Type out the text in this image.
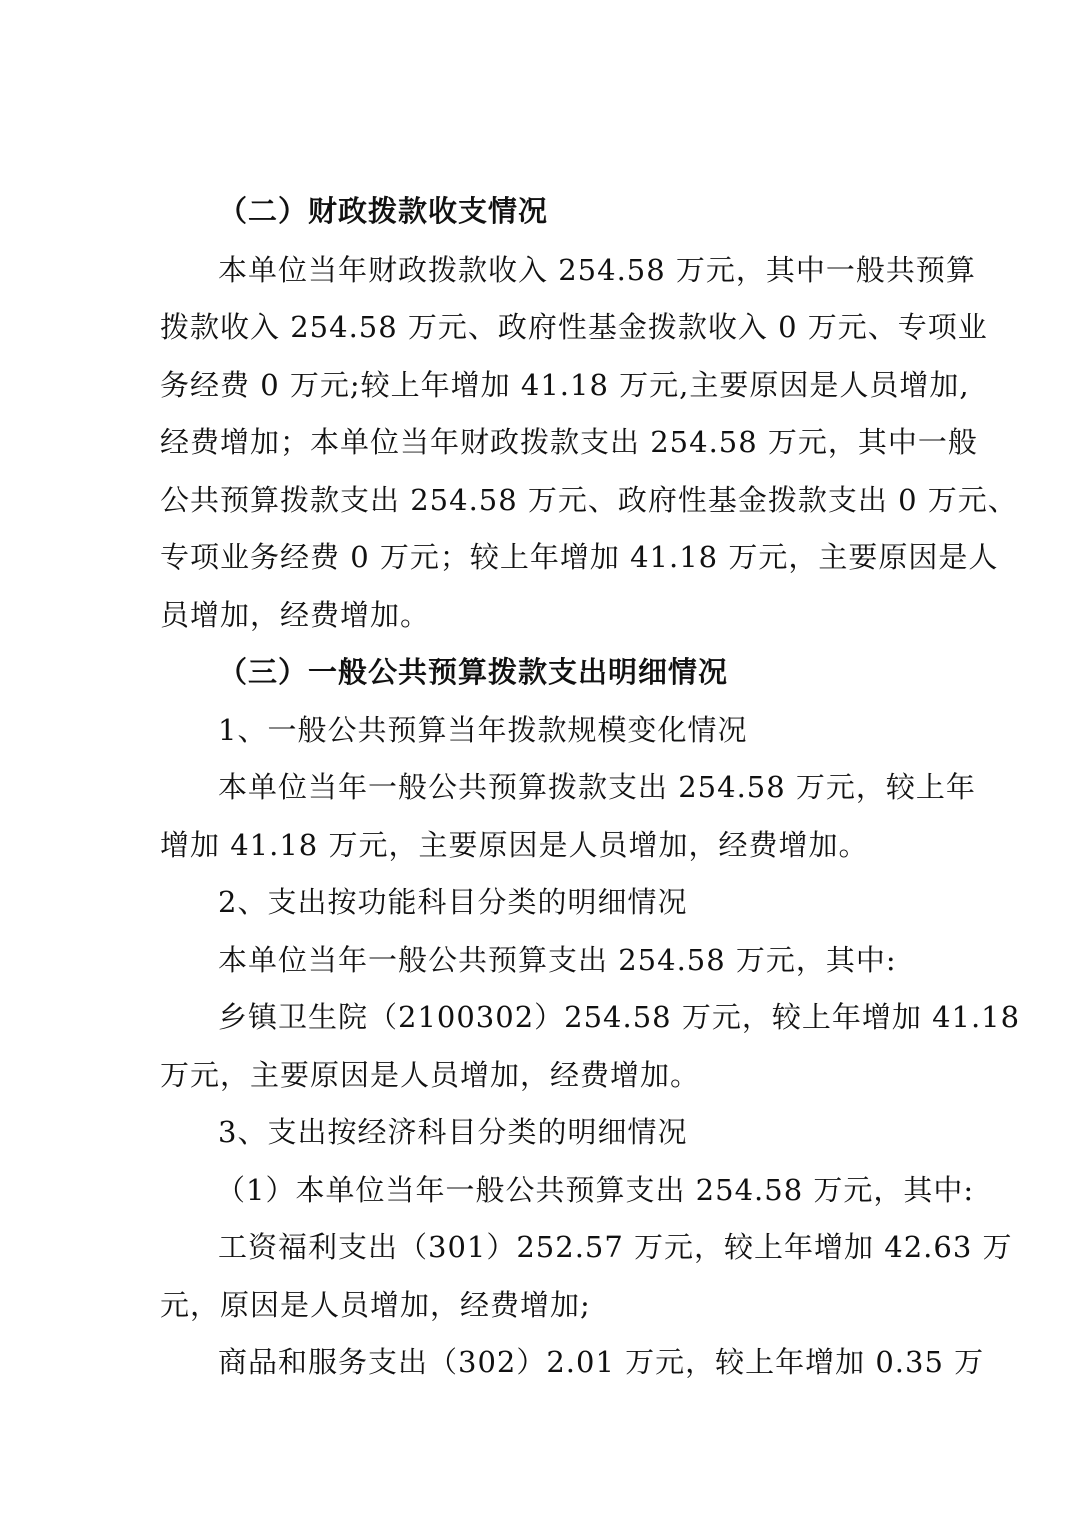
（二）财政拨款收支情况
本单位当年财政拨款收入 254.58 万元，其中一般共预算
拨款收入 254.58 万元、政府性基金拨款收入 0 万元、专项业
务经费 0 万元;较上年增加 41.18 万元,主要原因是人员增加,
经费增加；本单位当年财政拨款支出 254.58 万元，其中一般
公共预算拨款支出 254.58 万元、政府性基金拨款支出 0 万元、
专项业务经费 0 万元；较上年增加 41.18 万元，主要原因是人
员增加，经费增加。
（三）一般公共预算拨款支出明细情况
1、一般公共预算当年拨款规模变化情况
本单位当年一般公共预算拨款支出 254.58 万元，较上年
增加 41.18 万元，主要原因是人员增加，经费增加。
2、支出按功能科目分类的明细情况
本单位当年一般公共预算支出 254.58 万元，其中:
乡镇卫生院（2100302）254.58 万元，较上年增加 41.18
万元，主要原因是人员增加，经费增加。
3、支出按经济科目分类的明细情况
（1）本单位当年一般公共预算支出 254.58 万元，其中:
工资福利支出（301）252.57 万元，较上年增加 42.63 万
元，原因是人员增加，经费增加;
商品和服务支出（302）2.01 万元，较上年增加 0.35 万
